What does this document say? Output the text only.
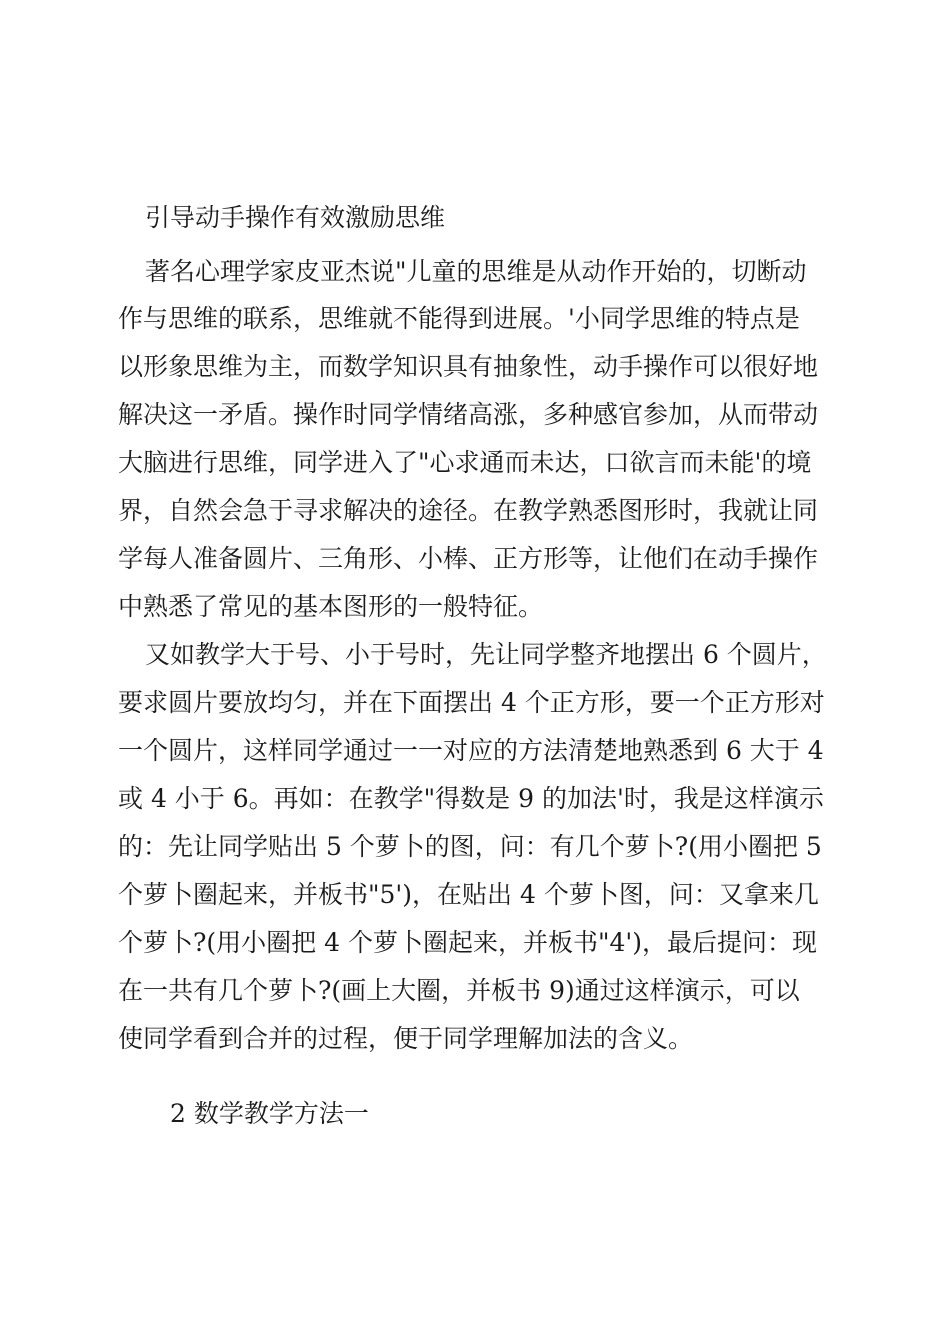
引导动手操作有效激励思维
著名心理学家皮亚杰说"儿童的思维是从动作开始的，切断动
作与思维的联系，思维就不能得到进展。'小同学思维的特点是
以形象思维为主，而数学知识具有抽象性，动手操作可以很好地
解决这一矛盾。操作时同学情绪高涨，多种感官参加，从而带动
大脑进行思维，同学进入了"心求通而未达，口欲言而未能'的境
界，自然会急于寻求解决的途径。在教学熟悉图形时，我就让同
学每人准备圆片、三角形、小棒、正方形等，让他们在动手操作
中熟悉了常见的基本图形的一般特征。
又如教学大于号、小于号时，先让同学整齐地摆出 6 个圆片，
要求圆片要放均匀，并在下面摆出 4 个正方形，要一个正方形对
一个圆片，这样同学通过一一对应的方法清楚地熟悉到 6 大于 4
或 4 小于 6。再如：在教学"得数是 9 的加法'时，我是这样演示
的：先让同学贴出 5 个萝卜的图，问：有几个萝卜?(用小圈把 5
个萝卜圈起来，并板书"5')，在贴出 4 个萝卜图，问：又拿来几
个萝卜?(用小圈把 4 个萝卜圈起来，并板书"4')，最后提问：现
在一共有几个萝卜?(画上大圈，并板书 9)通过这样演示，可以
使同学看到合并的过程，便于同学理解加法的含义。
2 数学教学方法一
